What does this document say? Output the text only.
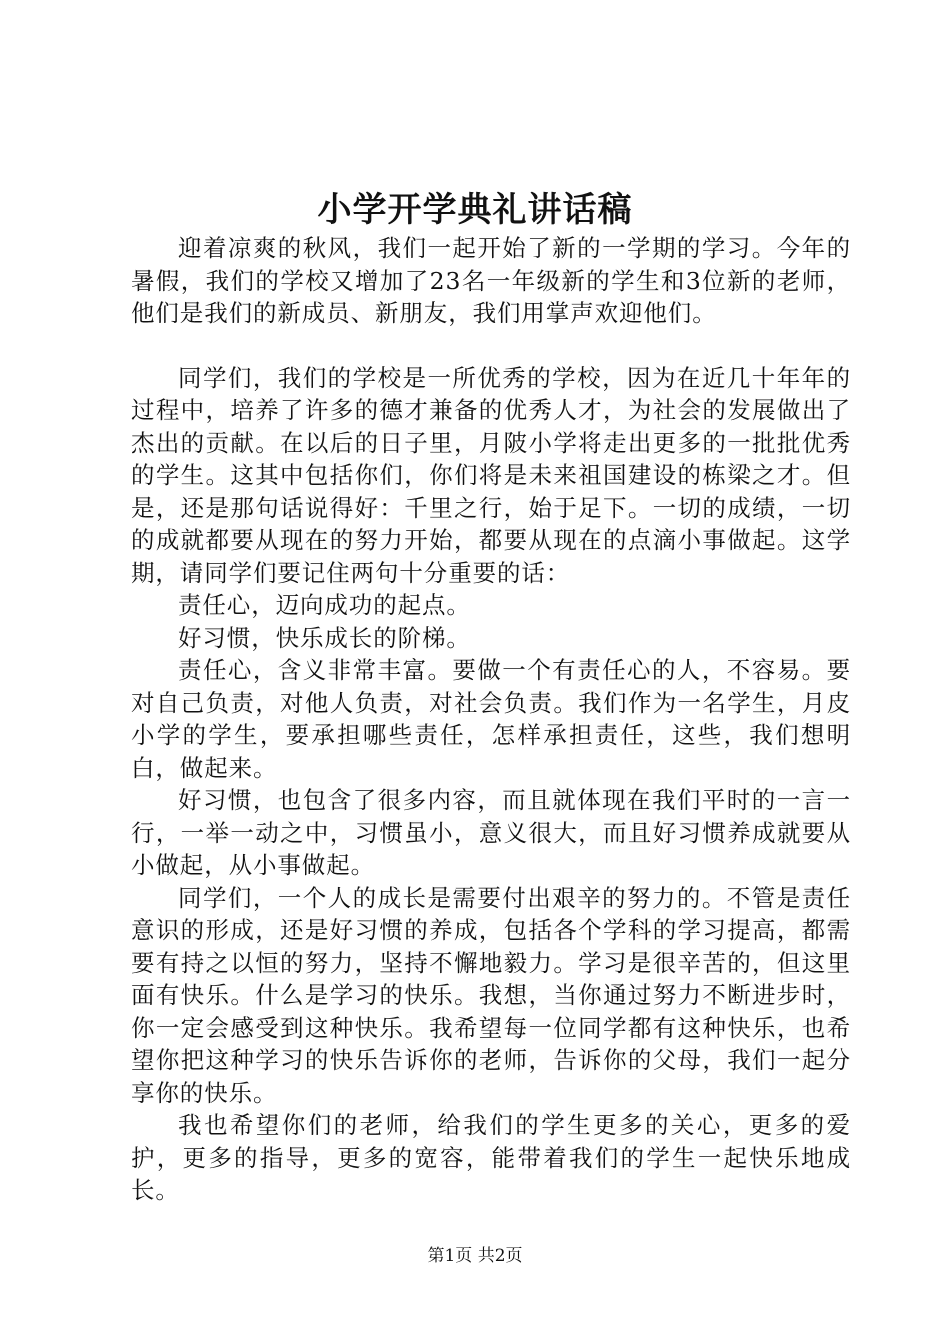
小学开学典礼讲话稿

迎着凉爽的秋风，我们一起开始了新的一学期的学习。今年的暑假，我们的学校又增加了23名一年级新的学生和3位新的老师，他们是我们的新成员、新朋友，我们用掌声欢迎他们。

同学们，我们的学校是一所优秀的学校，因为在近几十年年的过程中，培养了许多的德才兼备的优秀人才，为社会的发展做出了杰出的贡献。在以后的日子里，月陂小学将走出更多的一批批优秀的学生。这其中包括你们，你们将是未来祖国建设的栋梁之才。但是，还是那句话说得好：千里之行，始于足下。一切的成绩，一切的成就都要从现在的努力开始，都要从现在的点滴小事做起。这学期，请同学们要记住两句十分重要的话：

责任心，迈向成功的起点。

好习惯，快乐成长的阶梯。

责任心，含义非常丰富。要做一个有责任心的人，不容易。要对自己负责，对他人负责，对社会负责。我们作为一名学生，月皮小学的学生，要承担哪些责任，怎样承担责任，这些，我们想明白，做起来。

好习惯，也包含了很多内容，而且就体现在我们平时的一言一行，一举一动之中，习惯虽小，意义很大，而且好习惯养成就要从小做起，从小事做起。

同学们，一个人的成长是需要付出艰辛的努力的。不管是责任意识的形成，还是好习惯的养成，包括各个学科的学习提高，都需要有持之以恒的努力，坚持不懈地毅力。学习是很辛苦的，但这里面有快乐。什么是学习的快乐。我想，当你通过努力不断进步时，你一定会感受到这种快乐。我希望每一位同学都有这种快乐，也希望你把这种学习的快乐告诉你的老师，告诉你的父母，我们一起分享你的快乐。

我也希望你们的老师，给我们的学生更多的关心，更多的爱护，更多的指导，更多的宽容，能带着我们的学生一起快乐地成长。

第1页 共2页
